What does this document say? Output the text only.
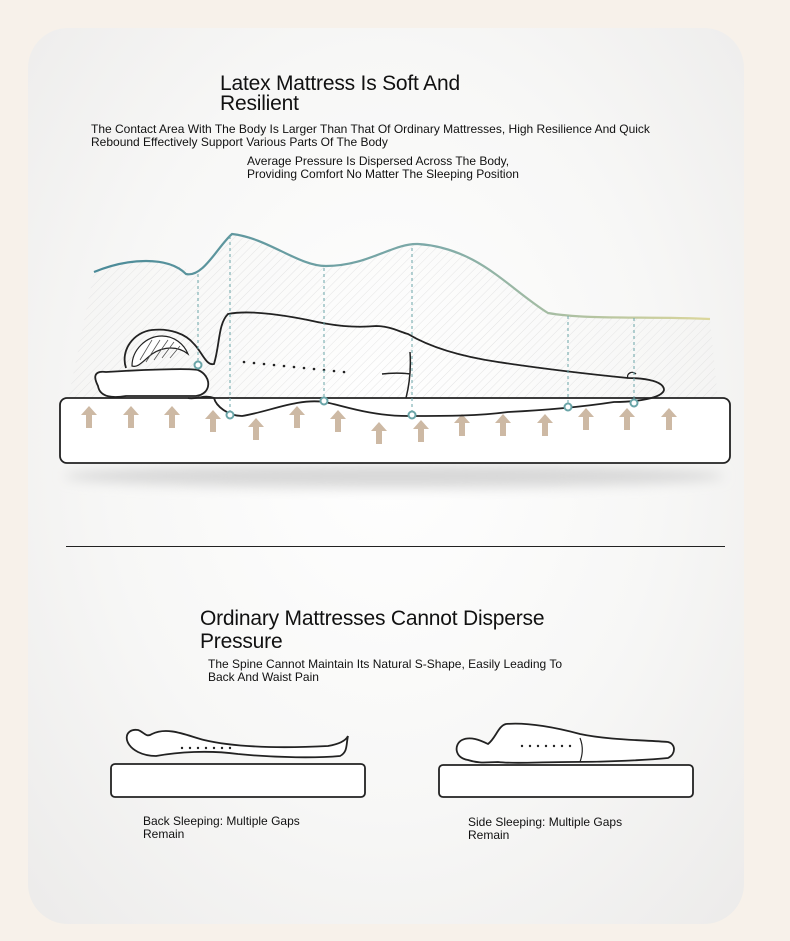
Latex Mattress Is Soft And
Resilient

The Contact Area With The Body Is Larger Than That Of Ordinary Mattresses, High Resilience And Quick
Rebound Effectively Support Various Parts Of The Body

Average Pressure Is Dispersed Across The Body,
Providing Comfort No Matter The Sleeping Position

Ordinary Mattresses Cannot Disperse
Pressure

The Spine Cannot Maintain Its Natural S-Shape, Easily Leading To
Back And Waist Pain

Back Sleeping: Multiple Gaps
Remain

Side Sleeping: Multiple Gaps
Remain
